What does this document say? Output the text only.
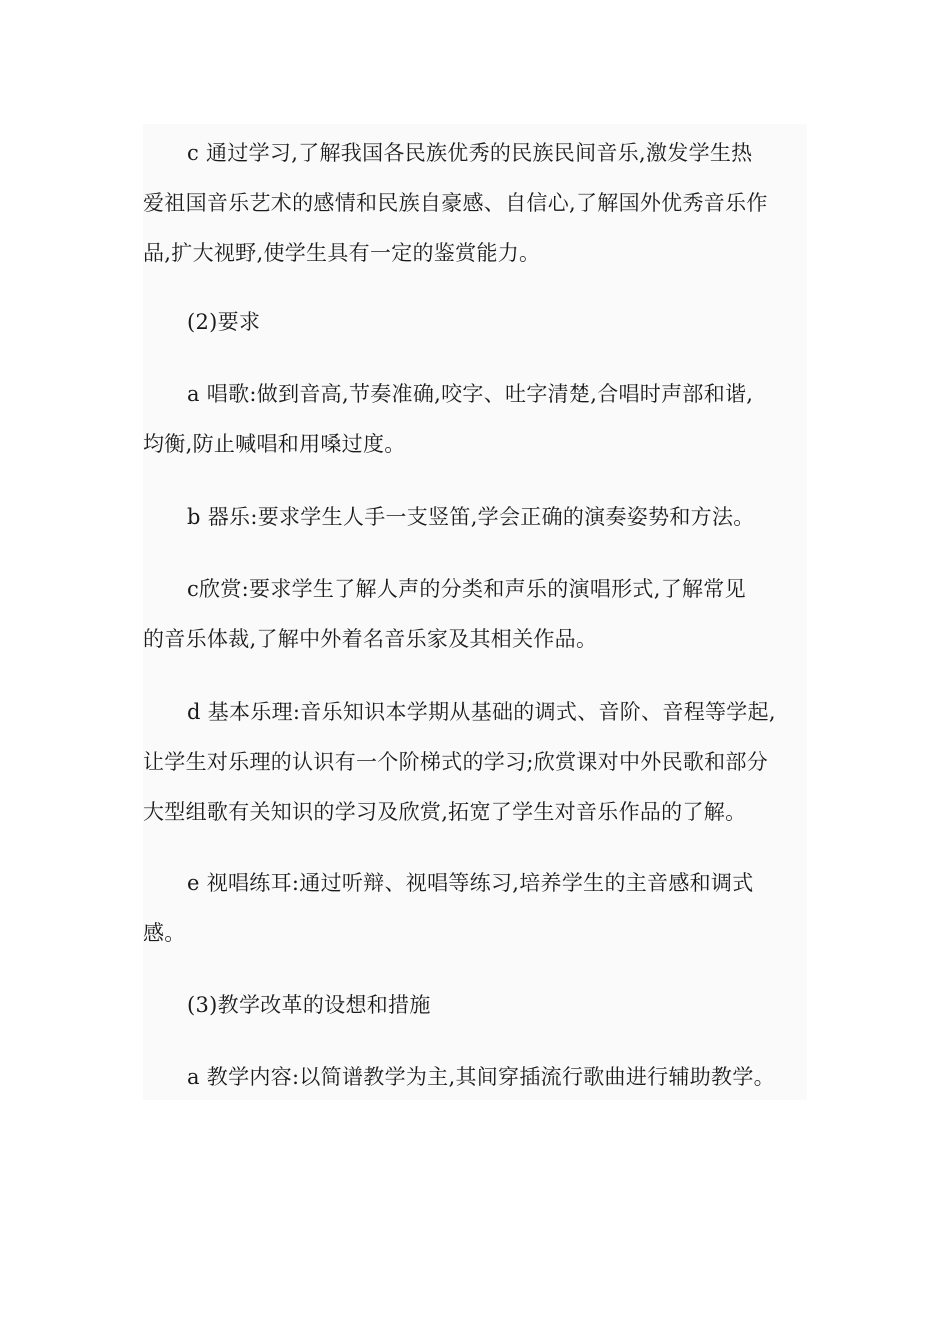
c 通过学习,了解我国各民族优秀的民族民间音乐,激发学生热
爱祖国音乐艺术的感情和民族自豪感、自信心,了解国外优秀音乐作
品,扩大视野,使学生具有一定的鉴赏能力。

(2)要求

a 唱歌:做到音高,节奏准确,咬字、吐字清楚,合唱时声部和谐,
均衡,防止喊唱和用嗓过度。

b 器乐:要求学生人手一支竖笛,学会正确的演奏姿势和方法。

c欣赏:要求学生了解人声的分类和声乐的演唱形式,了解常见
的音乐体裁,了解中外着名音乐家及其相关作品。

d 基本乐理:音乐知识本学期从基础的调式、音阶、音程等学起,
让学生对乐理的认识有一个阶梯式的学习;欣赏课对中外民歌和部分
大型组歌有关知识的学习及欣赏,拓宽了学生对音乐作品的了解。

e 视唱练耳:通过听辩、视唱等练习,培养学生的主音感和调式
感。

(3)教学改革的设想和措施

a 教学内容:以简谱教学为主,其间穿插流行歌曲进行辅助教学。
